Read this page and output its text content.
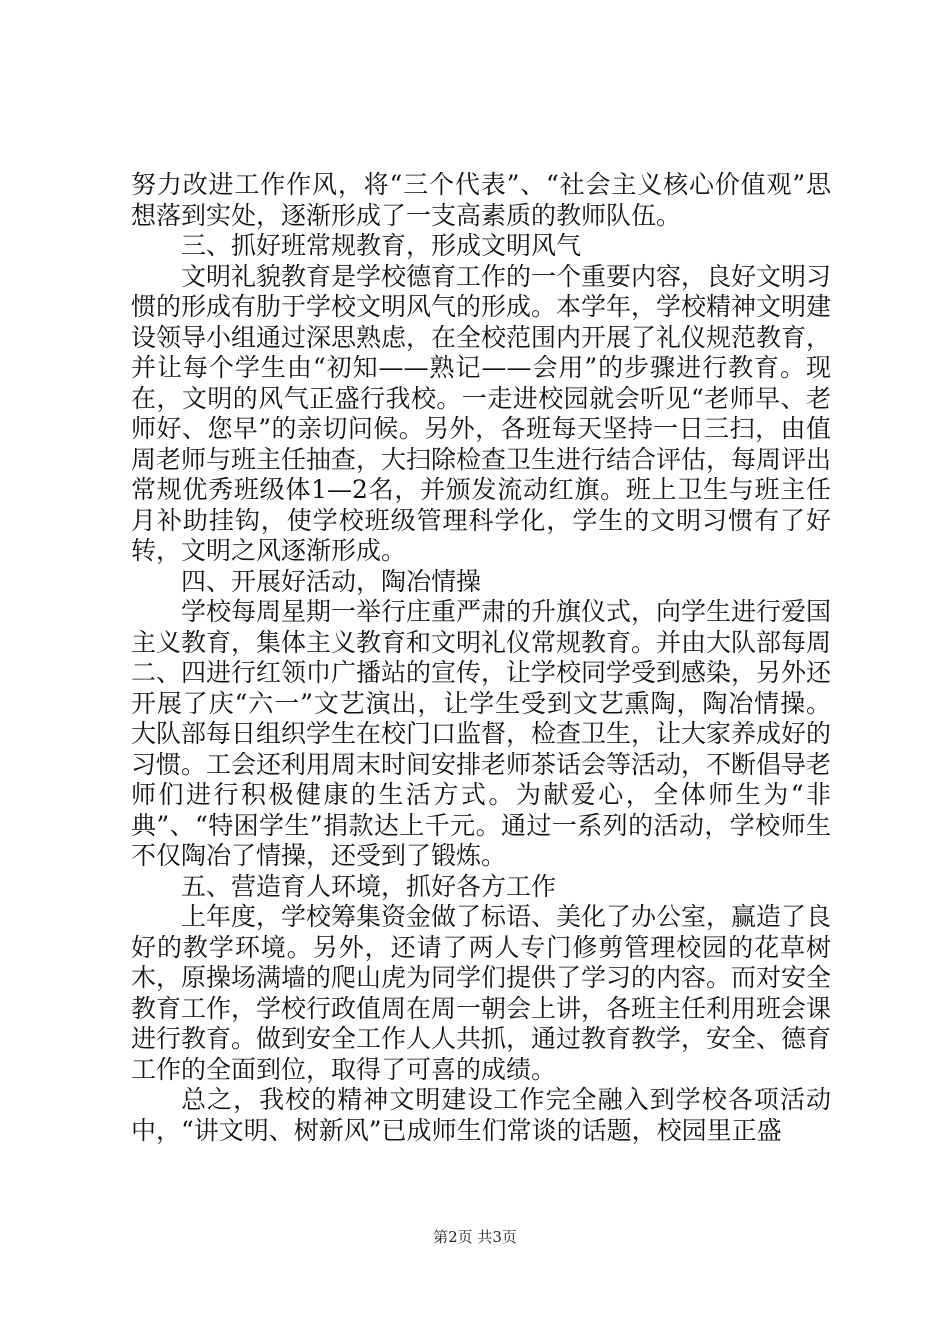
努力改进工作作风，将“三个代表”、“社会主义核心价值观”思想落到实处，逐渐形成了一支高素质的教师队伍。

三、抓好班常规教育，形成文明风气

文明礼貌教育是学校德育工作的一个重要内容，良好文明习惯的形成有肋于学校文明风气的形成。本学年，学校精神文明建设领导小组通过深思熟虑，在全校范围内开展了礼仪规范教育，并让每个学生由“初知——熟记——会用”的步骤进行教育。现在，文明的风气正盛行我校。一走进校园就会听见“老师早、老师好、您早”的亲切问候。另外，各班每天坚持一日三扫，由值周老师与班主任抽查，大扫除检查卫生进行结合评估，每周评出常规优秀班级体1—2名，并颁发流动红旗。班上卫生与班主任月补助挂钩，使学校班级管理科学化，学生的文明习惯有了好转，文明之风逐渐形成。

四、开展好活动，陶冶情操

学校每周星期一举行庄重严肃的升旗仪式，向学生进行爱国主义教育，集体主义教育和文明礼仪常规教育。并由大队部每周二、四进行红领巾广播站的宣传，让学校同学受到感染，另外还开展了庆“六一”文艺演出，让学生受到文艺熏陶，陶冶情操。大队部每日组织学生在校门口监督，检查卫生，让大家养成好的习惯。工会还利用周末时间安排老师茶话会等活动，不断倡导老师们进行积极健康的生活方式。为献爱心，全体师生为“非典”、“特困学生”捐款达上千元。通过一系列的活动，学校师生不仅陶冶了情操，还受到了锻炼。

五、营造育人环境，抓好各方工作

上年度，学校筹集资金做了标语、美化了办公室，赢造了良好的教学环境。另外，还请了两人专门修剪管理校园的花草树木，原操场满墙的爬山虎为同学们提供了学习的内容。而对安全教育工作，学校行政值周在周一朝会上讲，各班主任利用班会课进行教育。做到安全工作人人共抓，通过教育教学，安全、德育工作的全面到位，取得了可喜的成绩。

总之，我校的精神文明建设工作完全融入到学校各项活动中，“讲文明、树新风”已成师生们常谈的话题，校园里正盛

第2页 共3页
